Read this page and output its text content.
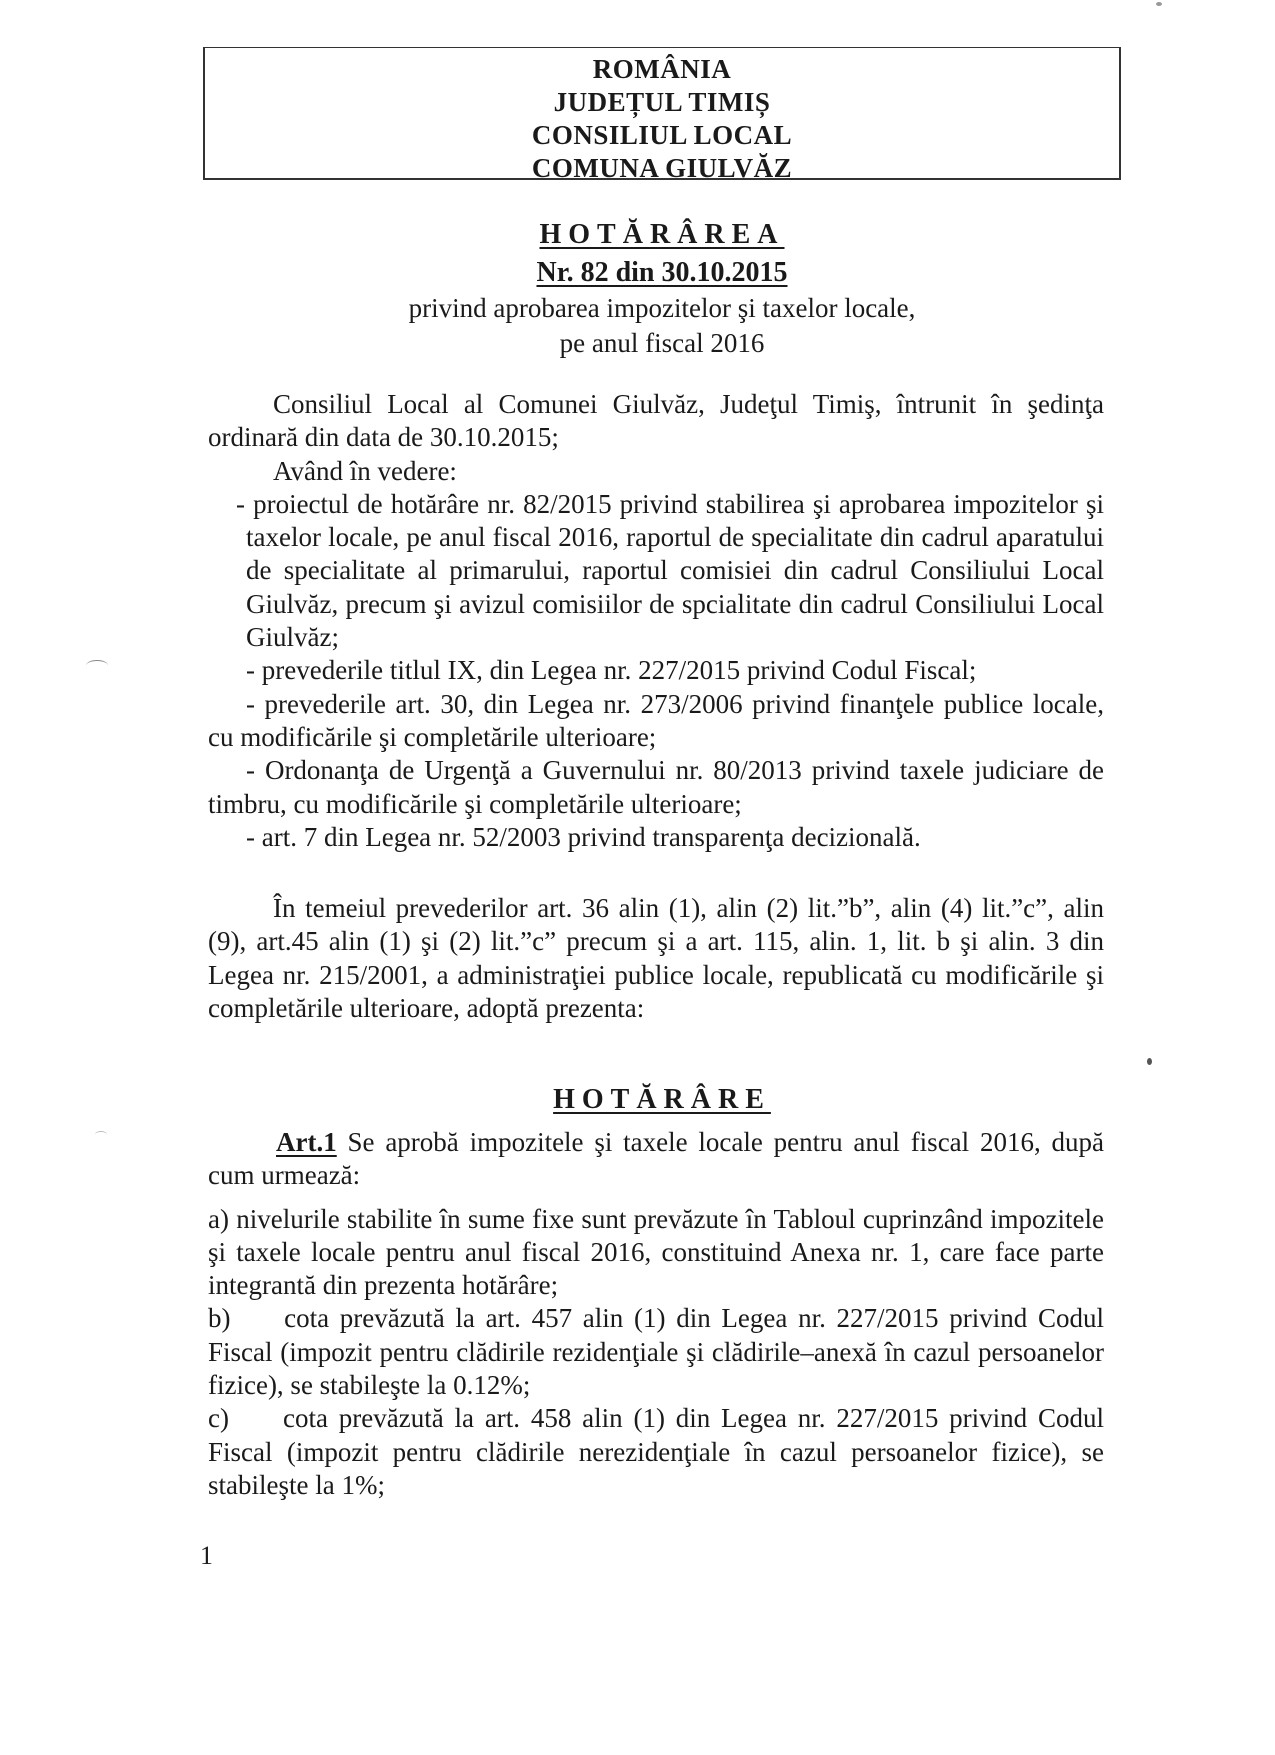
ROMÂNIA
JUDEȚUL TIMIȘ
CONSILIUL LOCAL
COMUNA GIULVĂZ
HOTĂRÂREA
Nr. 82 din 30.10.2015
privind aprobarea impozitelor şi taxelor locale,
pe anul fiscal 2016

Consiliul Local al Comunei Giulvăz, Judeţul Timiş, întrunit în şedinţa ordinară din data de 30.10.2015;

Având în vedere:

- proiectul de hotărâre nr. 82/2015 privind stabilirea şi aprobarea impozitelor şi taxelor locale, pe anul fiscal 2016, raportul de specialitate din cadrul aparatului de specialitate al primarului, raportul comisiei din cadrul Consiliului Local Giulvăz, precum şi avizul comisiilor de spcialitate din cadrul Consiliului Local Giulvăz;

- prevederile titlul IX, din Legea nr. 227/2015 privind Codul Fiscal;

- prevederile art. 30, din Legea nr. 273/2006 privind finanţele publice locale, cu modificările şi completările ulterioare;

- Ordonanţa de Urgenţă a Guvernului nr. 80/2013 privind taxele judiciare de timbru, cu modificările şi completările ulterioare;

- art. 7 din Legea nr. 52/2003 privind transparenţa decizională.

În temeiul prevederilor art. 36 alin (1), alin (2) lit.”b”, alin (4) lit.”c”, alin (9), art.45 alin (1) şi (2) lit.”c” precum şi a art. 115, alin. 1, lit. b şi alin. 3 din Legea nr. 215/2001, a administraţiei publice locale, republicată cu modificările şi completările ulterioare, adoptă prezenta:

HOTĂRÂRE

Art.1 Se aprobă impozitele şi taxele locale pentru anul fiscal 2016, după cum urmează:

a) nivelurile stabilite în sume fixe sunt prevăzute în Tabloul cuprinzând impozitele şi taxele locale pentru anul fiscal 2016, constituind Anexa nr. 1, care face parte integrantă din prezenta hotărâre;

b)     cota prevăzută la art. 457 alin (1) din Legea nr. 227/2015 privind Codul Fiscal (impozit pentru clădirile rezidenţiale şi clădirile–anexă în cazul persoanelor fizice), se stabileşte la 0.12%;

c)     cota prevăzută la art. 458 alin (1) din Legea nr. 227/2015 privind Codul Fiscal (impozit pentru clădirile nerezidenţiale în cazul persoanelor fizice), se stabileşte la 1%;

1
